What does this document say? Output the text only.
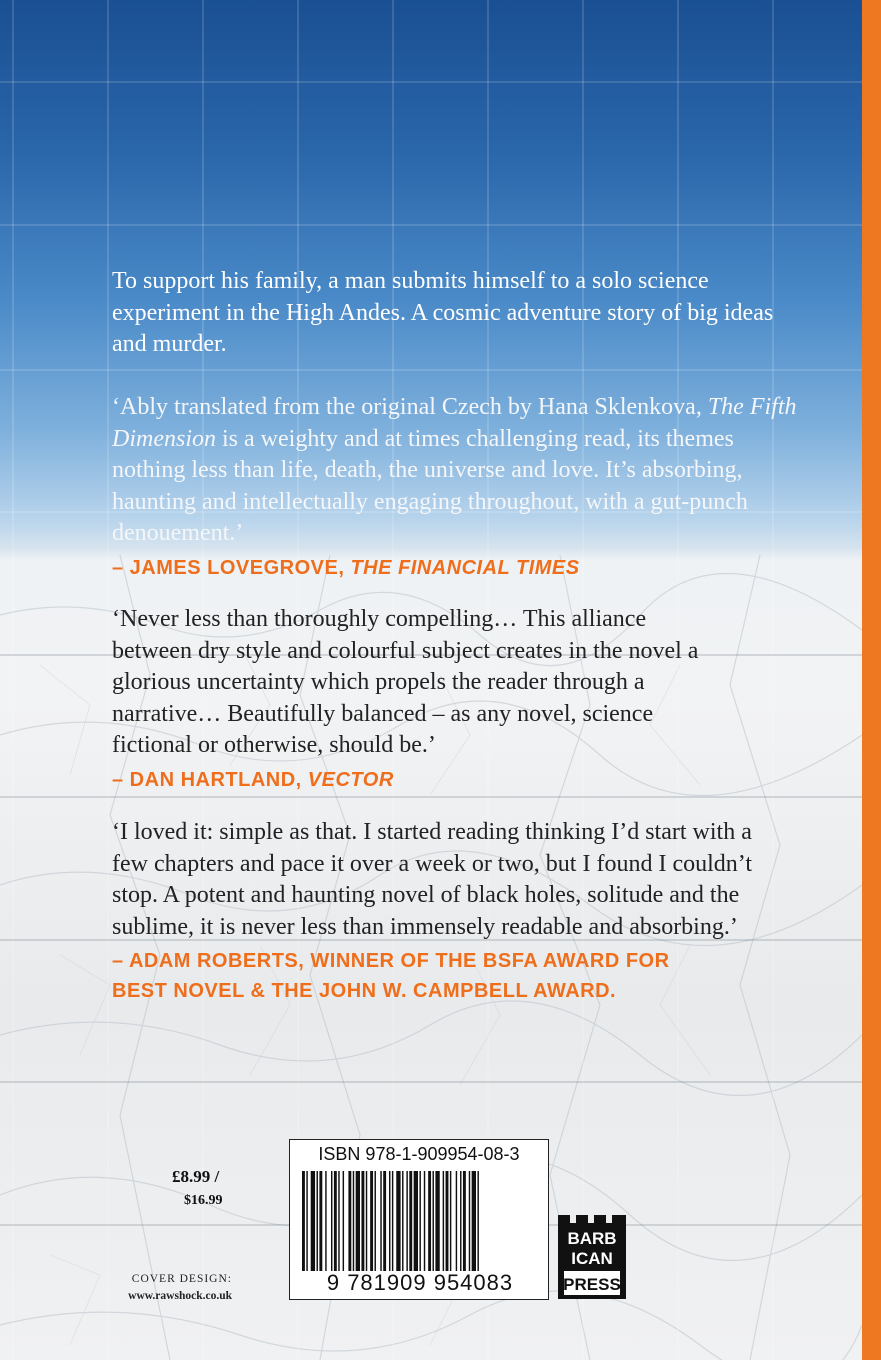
To support his family, a man submits himself to a solo science experiment in the High Andes. A cosmic adventure story of big ideas and murder.

‘Ably translated from the original Czech by Hana Sklenkova, The Fifth Dimension is a weighty and at times challenging read, its themes nothing less than life, death, the universe and love. It’s absorbing, haunting and intellectually engaging throughout, with a gut-punch denouement.’

– JAMES LOVEGROVE, THE FINANCIAL TIMES

‘Never less than thoroughly compelling… This alliance between dry style and colourful subject creates in the novel a glorious uncertainty which propels the reader through a narrative… Beautifully balanced – as any novel, science fictional or otherwise, should be.’

– DAN HARTLAND, VECTOR

‘I loved it: simple as that. I started reading thinking I’d start with a few chapters and pace it over a week or two, but I found I couldn’t stop. A potent and haunting novel of black holes, solitude and the sublime, it is never less than immensely readable and absorbing.’

– ADAM ROBERTS, WINNER OF THE BSFA AWARD FOR

BEST NOVEL & THE JOHN W. CAMPBELL AWARD.

£8.99 /
$16.99
COVER DESIGN:
www.rawshock.co.uk
ISBN 978-1-909954-08-3
9 781909 954083
BARB
ICAN
PRESS
